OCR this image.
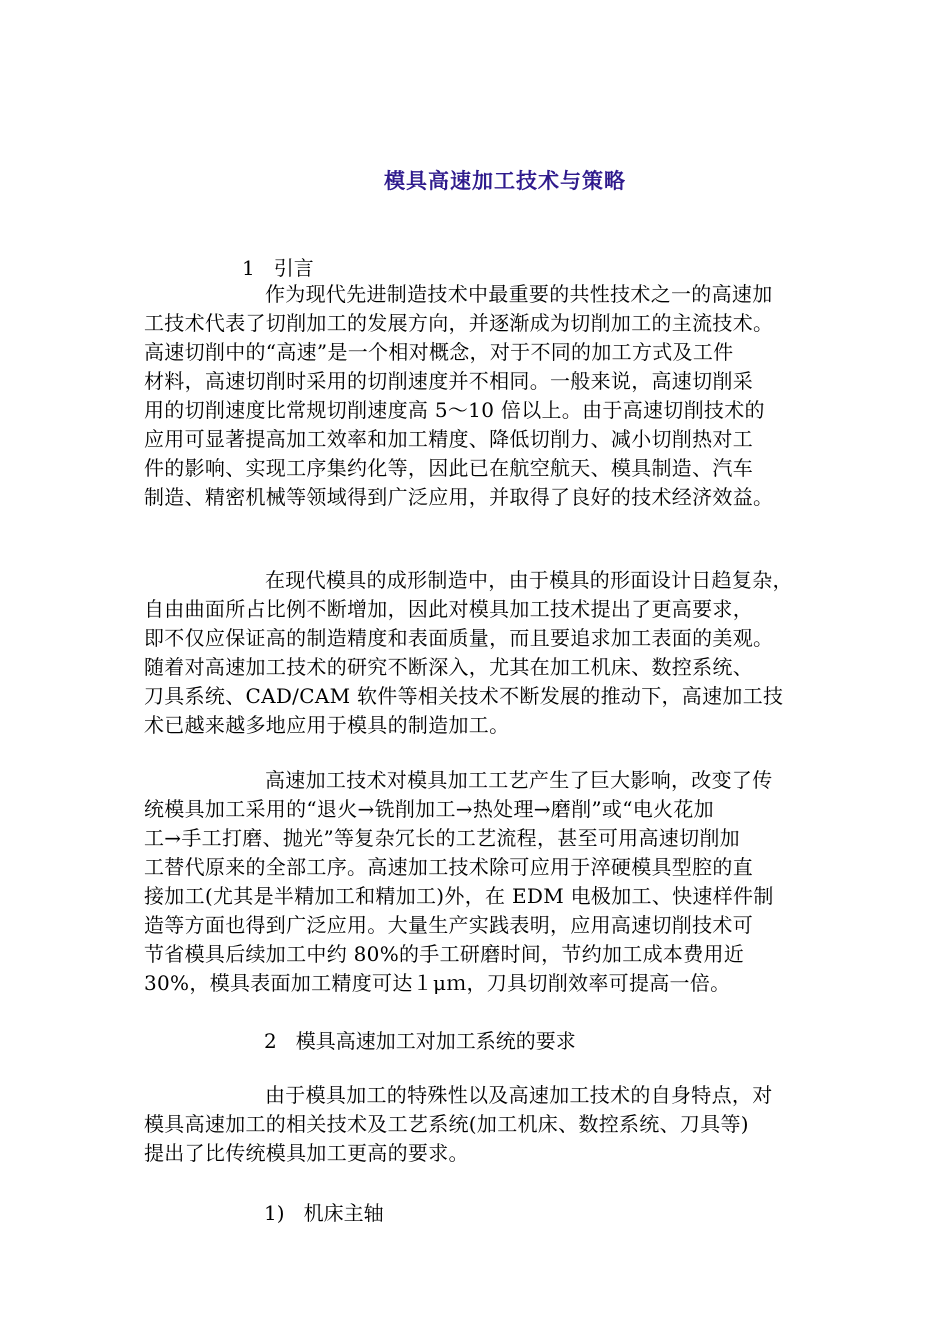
模具高速加工技术与策略
1   引言
作为现代先进制造技术中最重要的共性技术之一的高速加
工技术代表了切削加工的发展方向，并逐渐成为切削加工的主流技术。
高速切削中的“高速”是一个相对概念，对于不同的加工方式及工件
材料，高速切削时采用的切削速度并不相同。一般来说，高速切削采
用的切削速度比常规切削速度高 5～10 倍以上。由于高速切削技术的
应用可显著提高加工效率和加工精度、降低切削力、减小切削热对工
件的影响、实现工序集约化等，因此已在航空航天、模具制造、汽车
制造、精密机械等领域得到广泛应用，并取得了良好的技术经济效益。
在现代模具的成形制造中，由于模具的形面设计日趋复杂，
自由曲面所占比例不断增加，因此对模具加工技术提出了更高要求，
即不仅应保证高的制造精度和表面质量，而且要追求加工表面的美观。
随着对高速加工技术的研究不断深入，尤其在加工机床、数控系统、
刀具系统、CAD/CAM 软件等相关技术不断发展的推动下，高速加工技
术已越来越多地应用于模具的制造加工。
高速加工技术对模具加工工艺产生了巨大影响，改变了传
统模具加工采用的“退火→铣削加工→热处理→磨削”或“电火花加
工→手工打磨、抛光”等复杂冗长的工艺流程，甚至可用高速切削加
工替代原来的全部工序。高速加工技术除可应用于淬硬模具型腔的直
接加工(尤其是半精加工和精加工)外，在 EDM 电极加工、快速样件制
造等方面也得到广泛应用。大量生产实践表明，应用高速切削技术可
节省模具后续加工中约 80%的手工研磨时间，节约加工成本费用近
30%，模具表面加工精度可达１μｍ，刀具切削效率可提高一倍。
2   模具高速加工对加工系统的要求
由于模具加工的特殊性以及高速加工技术的自身特点，对
模具高速加工的相关技术及工艺系统(加工机床、数控系统、刀具等)
提出了比传统模具加工更高的要求。
1)   机床主轴
